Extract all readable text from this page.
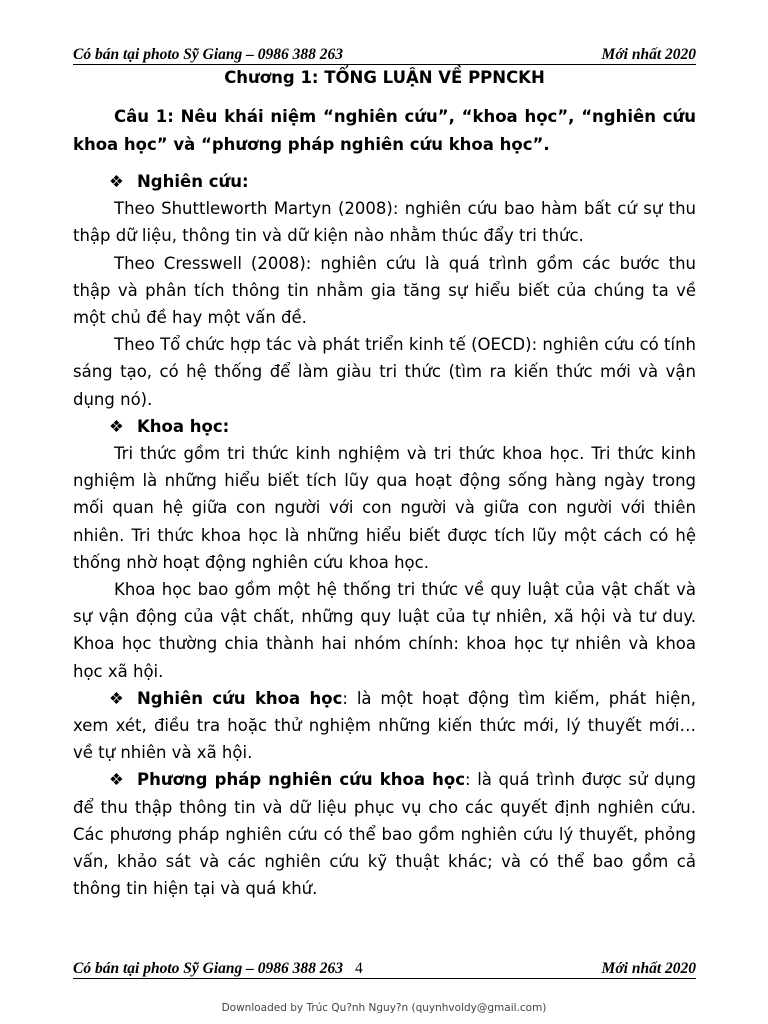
Có bán tại photo Sỹ Giang – 0986 388 263	Mới nhất 2020

Chương 1: TỔNG LUẬN VỀ PPNCKH

Câu 1: Nêu khái niệm “nghiên cứu”, “khoa học”, “nghiên cứu khoa học” và “phương pháp nghiên cứu khoa học”.

❖ Nghiên cứu:

Theo Shuttleworth Martyn (2008): nghiên cứu bao hàm bất cứ sự thu thập dữ liệu, thông tin và dữ kiện nào nhằm thúc đẩy tri thức.

Theo Cresswell (2008): nghiên cứu là quá trình gồm các bước thu thập và phân tích thông tin nhằm gia tăng sự hiểu biết của chúng ta về một chủ đề hay một vấn đề.

Theo Tổ chức hợp tác và phát triển kinh tế (OECD): nghiên cứu có tính sáng tạo, có hệ thống để làm giàu tri thức (tìm ra kiến thức mới và vận dụng nó).

❖ Khoa học:

Tri thức gồm tri thức kinh nghiệm và tri thức khoa học. Tri thức kinh nghiệm là những hiểu biết tích lũy qua hoạt động sống hàng ngày trong mối quan hệ giữa con người với con người và giữa con người với thiên nhiên. Tri thức khoa học là những hiểu biết được tích lũy một cách có hệ thống nhờ hoạt động nghiên cứu khoa học.

Khoa học bao gồm một hệ thống tri thức về quy luật của vật chất và sự vận động của vật chất, những quy luật của tự nhiên, xã hội và tư duy. Khoa học thường chia thành hai nhóm chính: khoa học tự nhiên và khoa học xã hội.

❖ Nghiên cứu khoa học: là một hoạt động tìm kiếm, phát hiện, xem xét, điều tra hoặc thử nghiệm những kiến thức mới, lý thuyết mới… về tự nhiên và xã hội.

❖ Phương pháp nghiên cứu khoa học: là quá trình được sử dụng để thu thập thông tin và dữ liệu phục vụ cho các quyết định nghiên cứu. Các phương pháp nghiên cứu có thể bao gồm nghiên cứu lý thuyết, phỏng vấn, khảo sát và các nghiên cứu kỹ thuật khác; và có thể bao gồm cả thông tin hiện tại và quá khứ.

Có bán tại photo Sỹ Giang – 0986 388 263 4	Mới nhất 2020
Downloaded by Trúc Qu?nh Nguy?n (quynhvoldy@gmail.com)
